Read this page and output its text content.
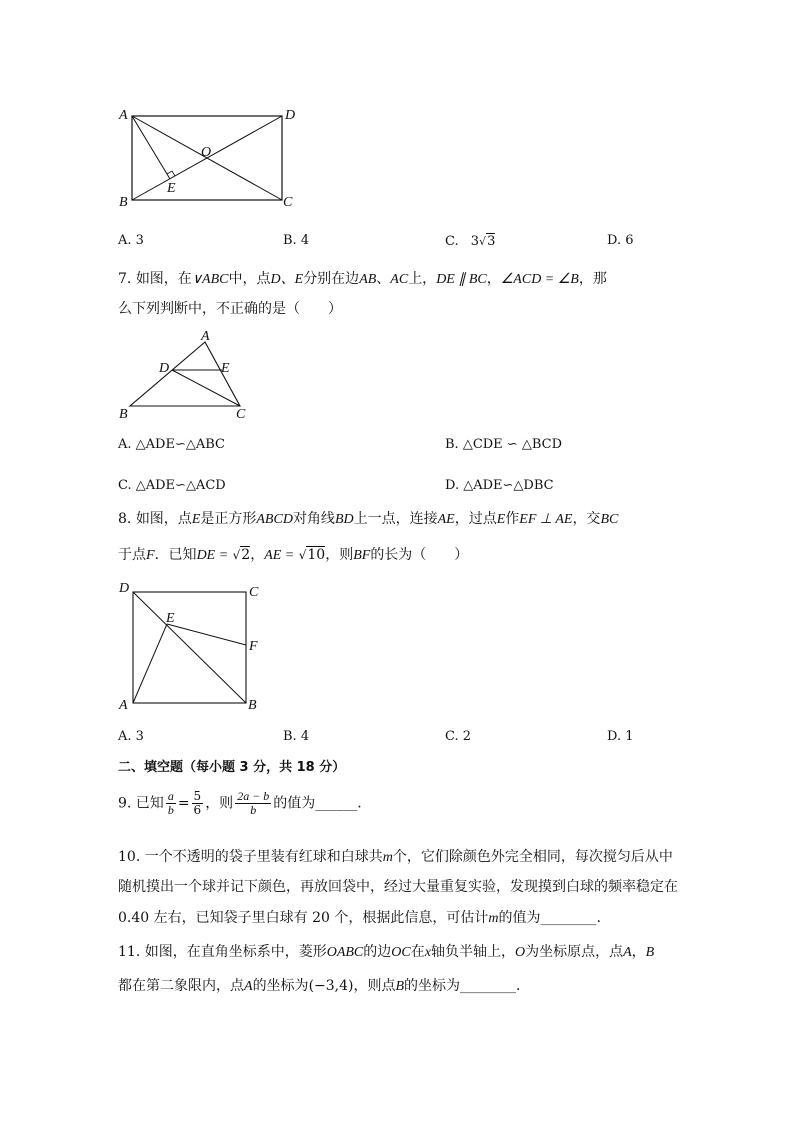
A	D
O
E
B	C
A. 3	B. 4	C. 3√3	D. 6
7. 如图，在∨ABC中，点D、E分别在边AB、AC上，DE ∥ BC，∠ACD = ∠B，那
么下列判断中，不正确的是（　　）
A
D	E
B	C
A. △ADE∽△ABC	B. △CDE ∽ △BCD
C. △ADE∽△ACD	D. △ADE∽△DBC
8. 如图，点E是正方形ABCD对角线BD上一点，连接AE，过点E作EF ⊥ AE，交BC
于点F．已知DE = √2，AE = √10，则BF的长为（　　）
D	C
E
F
A	B
A. 3	B. 4	C. 2	D. 1
二、填空题（每小题 3 分，共 18 分）
9. 已知 $\frac{a}{b} = \frac{5}{6}$ ，则 $\frac{2a - b}{b}$ 的值为______.
10. 一个不透明的袋子里装有红球和白球共m个，它们除颜色外完全相同，每次搅匀后从中
随机摸出一个球并记下颜色，再放回袋中，经过大量重复实验，发现摸到白球的频率稳定在
0.40 左右，已知袋子里白球有 20 个，根据此信息，可估计m的值为________.
11. 如图，在直角坐标系中，菱形OABC的边OC在x轴负半轴上，O为坐标原点，点A，B
都在第二象限内，点A的坐标为(−3,4)，则点B的坐标为________.
